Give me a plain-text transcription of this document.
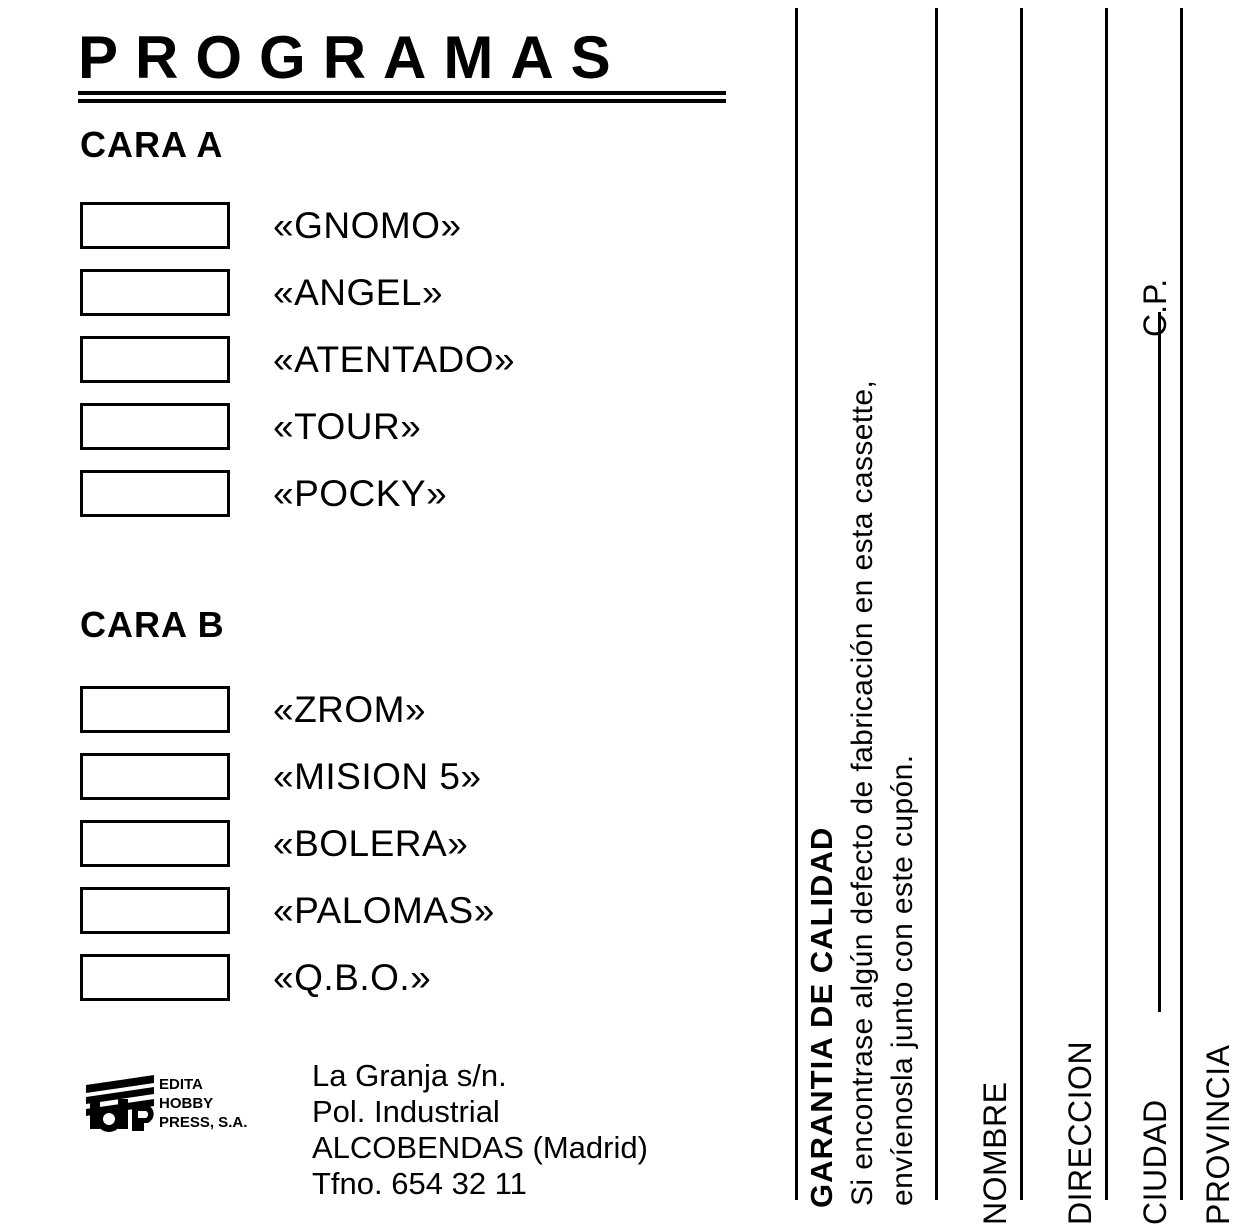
PROGRAMAS
CARA A
«GNOMO»
«ANGEL»
«ATENTADO»
«TOUR»
«POCKY»
CARA B
«ZROM»
«MISION 5»
«BOLERA»
«PALOMAS»
«Q.B.O.»
EDITA
HOBBY
PRESS, S.A.
La Granja s/n.
Pol. Industrial
ALCOBENDAS (Madrid)
Tfno. 654 32 11	GARANTIA DE CALIDAD Si encontrase algún defecto de fabricación en esta cassette, envíenosla junto con este cupón. NOMBRE DIRECCION CIUDAD PROVINCIA
C.P.
